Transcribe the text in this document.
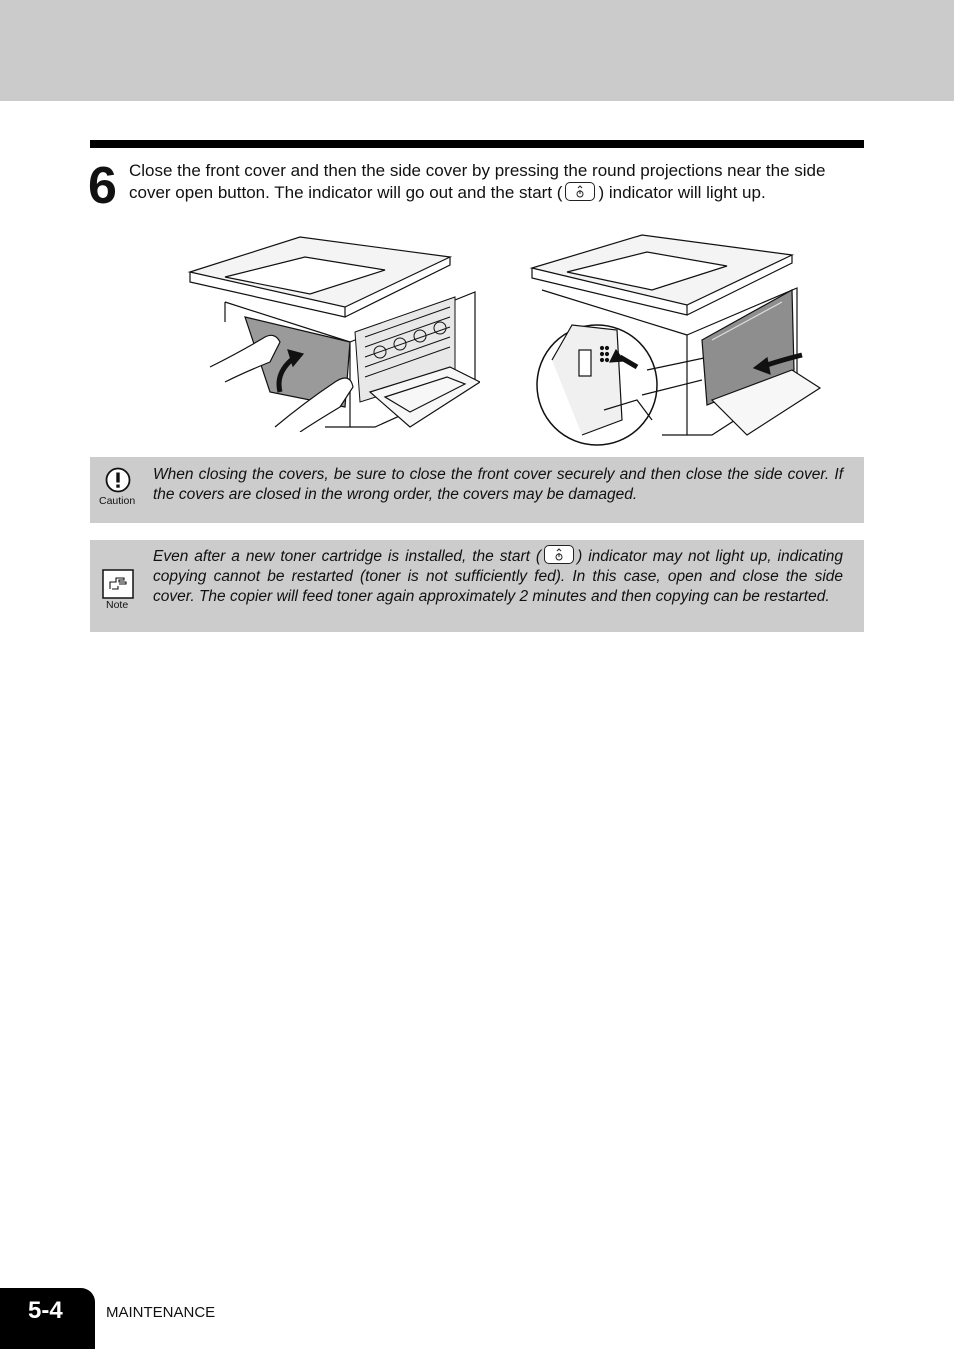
6 Close the front cover and then the side cover by pressing the round projections near the side cover open button. The indicator will go out and the start ( ) indicator will light up.
Caution
When closing the covers, be sure to close the front cover securely and then close the side cover. If the covers are closed in the wrong order, the covers may be damaged.
Note
Even after a new toner cartridge is installed, the start ( ) indicator may not light up, indicating copying cannot be restarted (toner is not sufficiently fed). In this case, open and close the side cover. The copier will feed toner again approximately 2 minutes and then copying can be restarted.
5-4	MAINTENANCE
